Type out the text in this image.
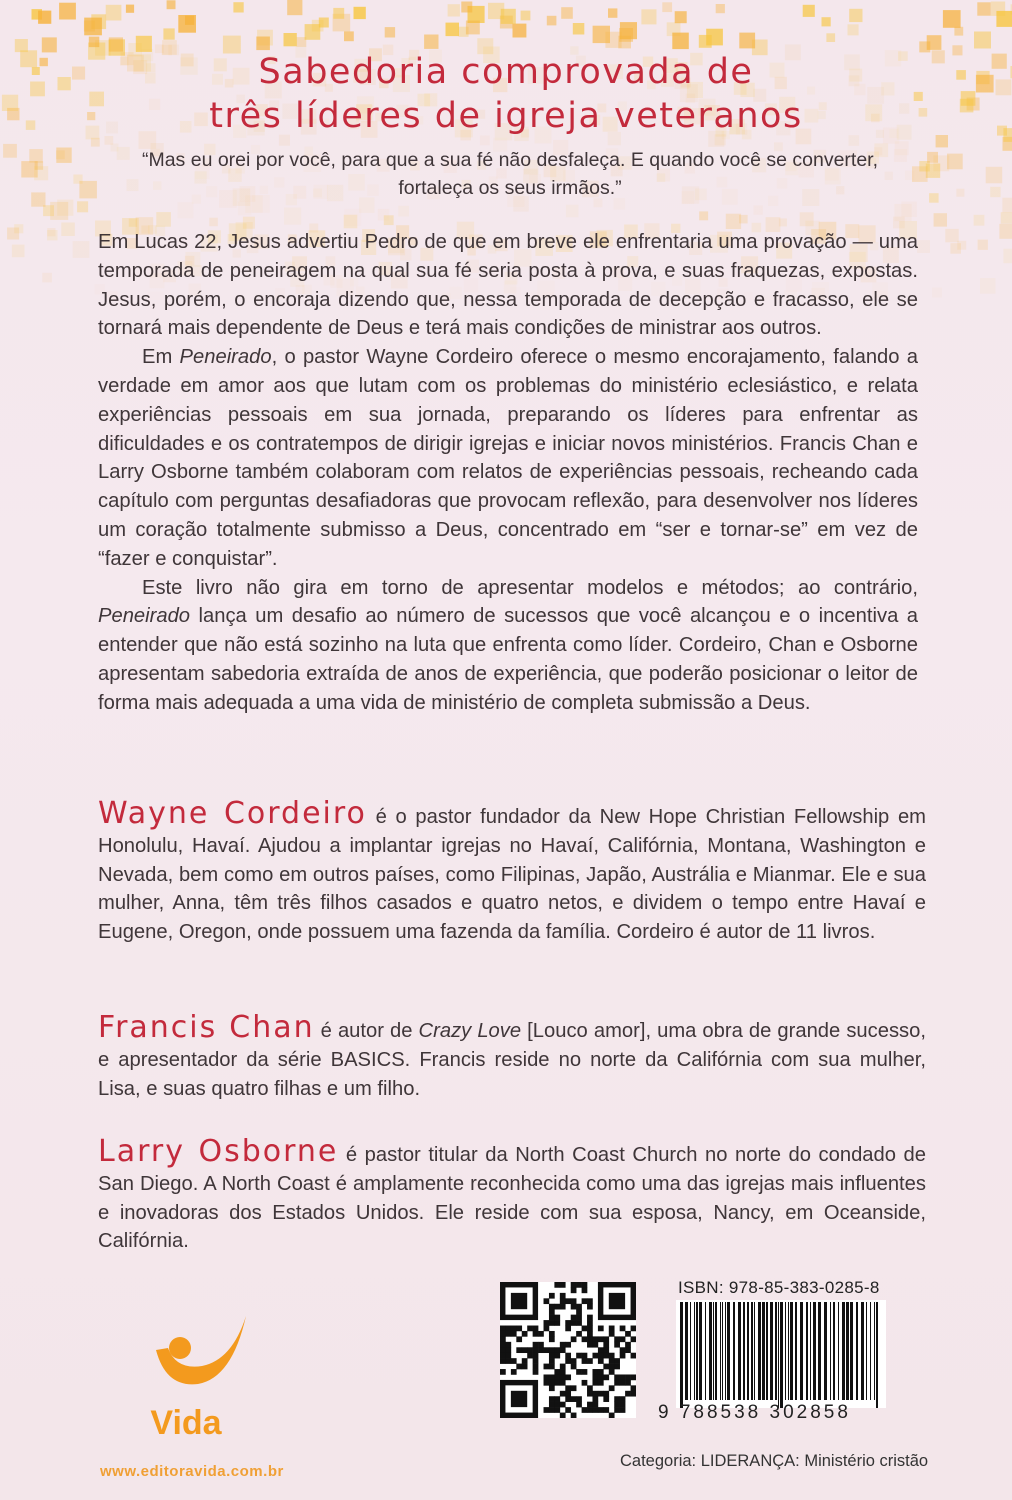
Sabedoria comprovada de
três líderes de igreja veteranos
“Mas eu orei por você, para que a sua fé não desfaleça. E quando você se converter, fortaleça os seus irmãos.”

Em Lucas 22, Jesus advertiu Pedro de que em breve ele enfrentaria uma provação — uma temporada de peneiragem na qual sua fé seria posta à prova, e suas fraquezas, expostas. Jesus, porém, o encoraja dizendo que, nessa temporada de decepção e fracasso, ele se tornará mais dependente de Deus e terá mais condições de ministrar aos outros.

Em Peneirado, o pastor Wayne Cordeiro oferece o mesmo encorajamento, falando a verdade em amor aos que lutam com os problemas do ministério eclesiástico, e relata experiências pessoais em sua jornada, preparando os líderes para enfrentar as dificuldades e os contratempos de dirigir igrejas e iniciar novos ministérios. Francis Chan e Larry Osborne também colaboram com relatos de experiências pessoais, recheando cada capítulo com perguntas desafiadoras que provocam reflexão, para desenvolver nos líderes um coração totalmente submisso a Deus, concentrado em “ser e tornar-se” em vez de “fazer e conquistar”.

Este livro não gira em torno de apresentar modelos e métodos; ao contrário, Peneirado lança um desafio ao número de sucessos que você alcançou e o incentiva a entender que não está sozinho na luta que enfrenta como líder. Cordeiro, Chan e Osborne apresentam sabedoria extraída de anos de experiência, que poderão posicionar o leitor de forma mais adequada a uma vida de ministério de completa submissão a Deus.

Wayne Cordeiro é o pastor fundador da New Hope Christian Fellowship em Honolulu, Havaí. Ajudou a implantar igrejas no Havaí, Califórnia, Montana, Washington e Nevada, bem como em outros países, como Filipinas, Japão, Austrália e Mianmar. Ele e sua mulher, Anna, têm três filhos casados e quatro netos, e dividem o tempo entre Havaí e Eugene, Oregon, onde possuem uma fazenda da família. Cordeiro é autor de 11 livros.
Francis Chan é autor de Crazy Love [Louco amor], uma obra de grande sucesso, e apresentador da série BASICS. Francis reside no norte da Califórnia com sua mulher, Lisa, e suas quatro filhas e um filho.
Larry Osborne é pastor titular da North Coast Church no norte do condado de San Diego. A North Coast é amplamente reconhecida como uma das igrejas mais influentes e inovadoras dos Estados Unidos. Ele reside com sua esposa, Nancy, em Oceanside, Califórnia.
Vida
www.editoravida.com.br
ISBN: 978-85-383-0285-8
9 788538 302858
Categoria: LIDERANÇA: Ministério cristão
